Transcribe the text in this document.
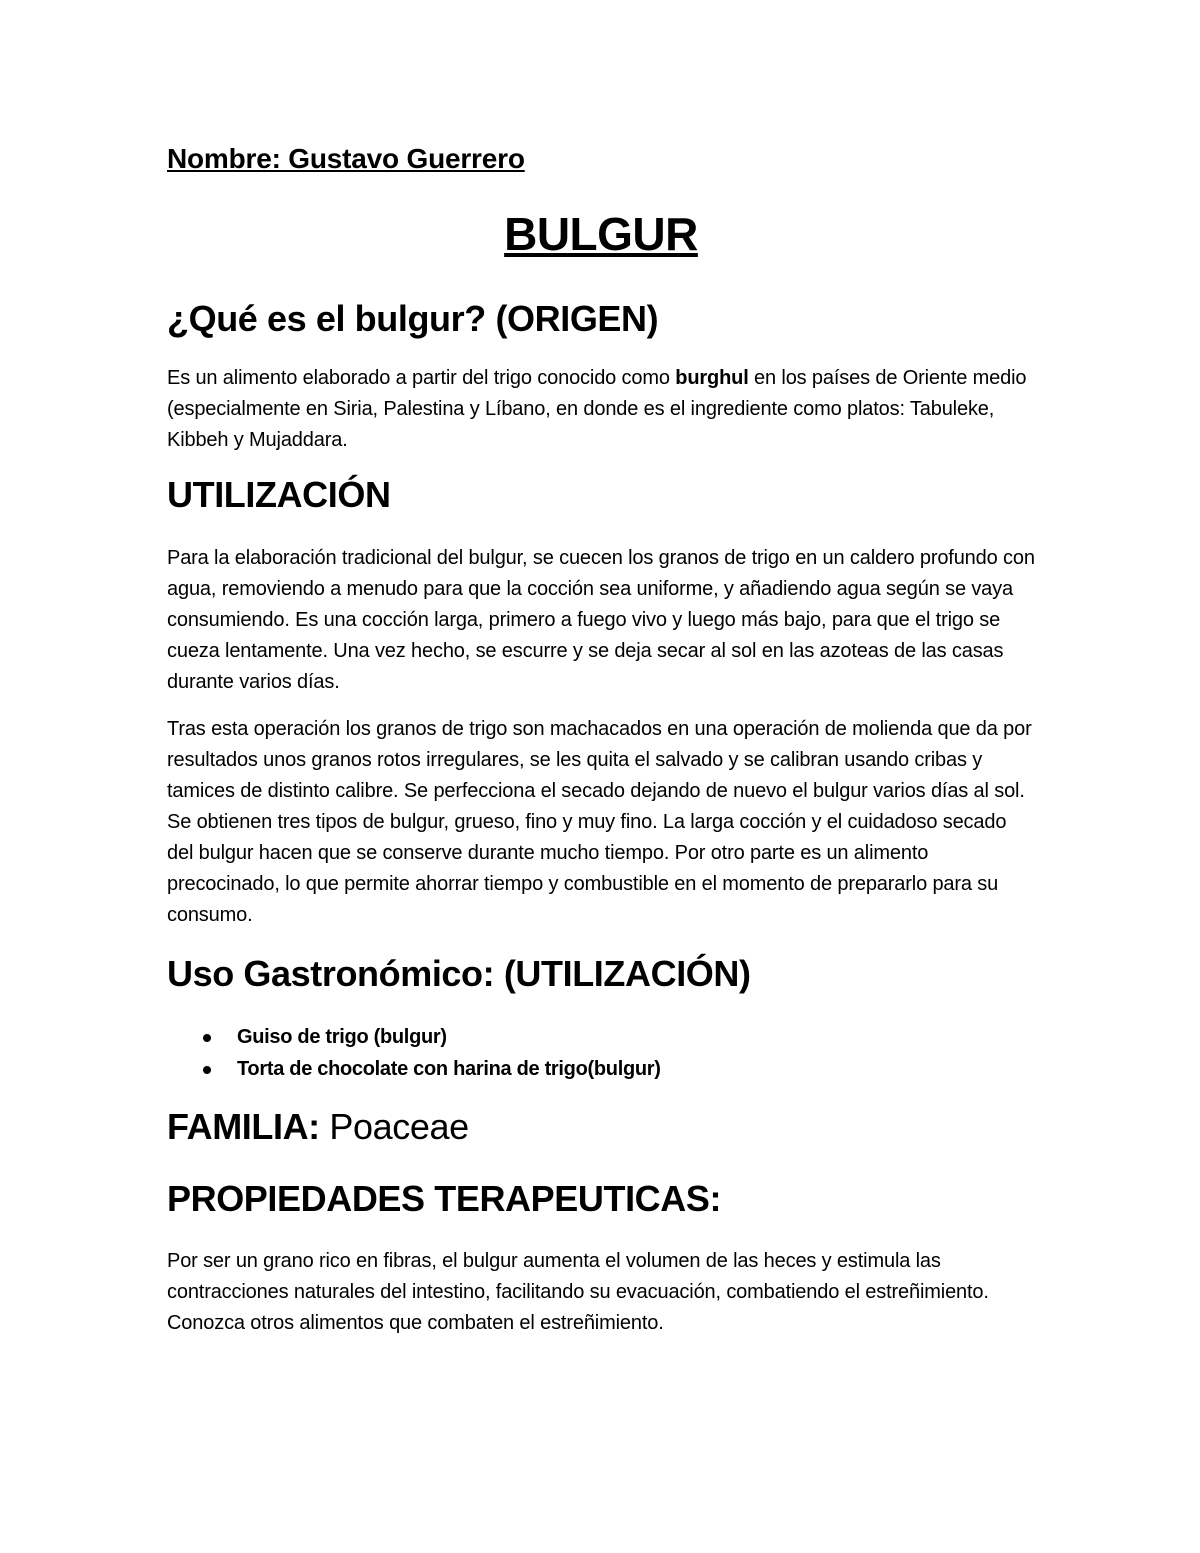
Nombre: Gustavo Guerrero
BULGUR
¿Qué es el bulgur? (ORIGEN)
Es un alimento elaborado a partir del trigo conocido como burghul en los países de Oriente medio (especialmente en Siria, Palestina y Líbano, en donde es el ingrediente como platos: Tabuleke, Kibbeh y Mujaddara.
UTILIZACIÓN
Para la elaboración tradicional del bulgur, se cuecen los granos de trigo en un caldero profundo con agua, removiendo a menudo para que la cocción sea uniforme, y añadiendo agua según se vaya consumiendo. Es una cocción larga, primero a fuego vivo y luego más bajo, para que el trigo se cueza lentamente. Una vez hecho, se escurre y se deja secar al sol en las azoteas de las casas durante varios días.
Tras esta operación los granos de trigo son machacados en una operación de molienda que da por resultados unos granos rotos irregulares, se les quita el salvado y se calibran usando cribas y tamices de distinto calibre. Se perfecciona el secado dejando de nuevo el bulgur varios días al sol. Se obtienen tres tipos de bulgur, grueso, fino y muy fino. La larga cocción y el cuidadoso secado del bulgur hacen que se conserve durante mucho tiempo. Por otro parte es un alimento precocinado, lo que permite ahorrar tiempo y combustible en el momento de prepararlo para su consumo.
Uso Gastronómico: (UTILIZACIÓN)
Guiso de trigo (bulgur)
Torta de chocolate con harina de trigo(bulgur)
FAMILIA: Poaceae
PROPIEDADES TERAPEUTICAS:
Por ser un grano rico en fibras, el bulgur aumenta el volumen de las heces y estimula las contracciones naturales del intestino, facilitando su evacuación, combatiendo el estreñimiento. Conozca otros alimentos que combaten el estreñimiento.
